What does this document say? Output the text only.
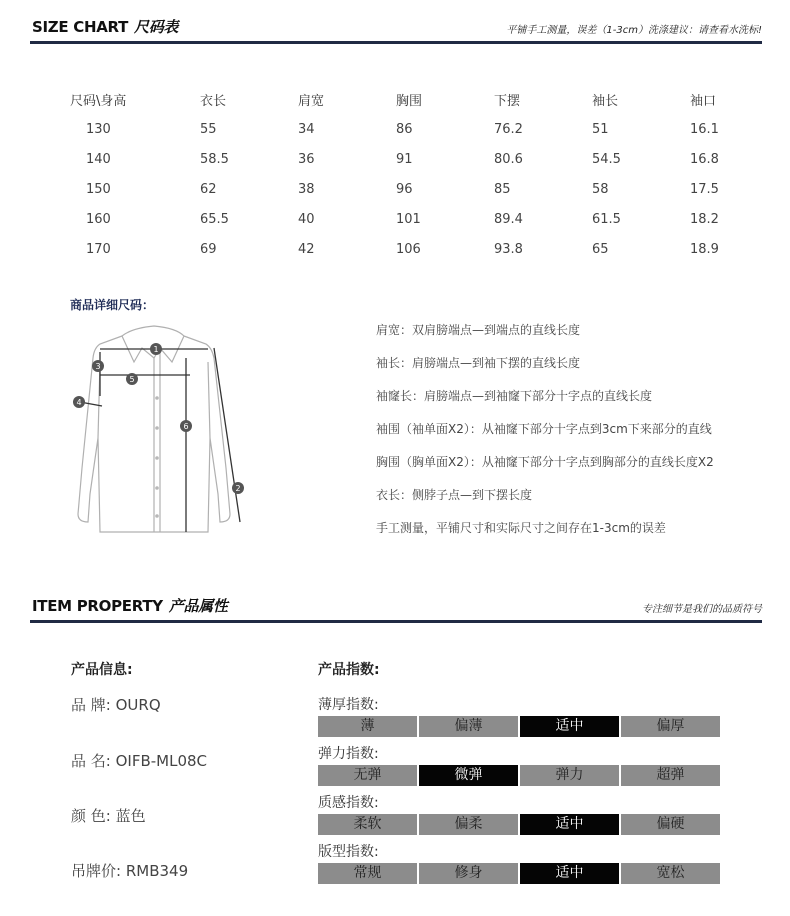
SIZE CHART 尺码表	平铺手工测量，误差（1-3cm）洗涤建议：请查看水洗标!
尺码\身高	衣长	肩宽	胸围	下摆	袖长	袖口
130	55	34	86	76.2	51	16.1
140	58.5	36	91	80.6	54.5	16.8
150	62	38	96	85	58	17.5
160	65.5	40	101	89.4	61.5	18.2
170	69	42	106	93.8	65	18.9
商品详细尺码：
1
2
3
4
5
6
肩宽：双肩膀端点—到端点的直线长度
袖长：肩膀端点—到袖下摆的直线长度
袖窿长：肩膀端点—到袖窿下部分十字点的直线长度
袖围（袖单面X2）：从袖窿下部分十字点到3cm下来部分的直线
胸围（胸单面X2）：从袖窿下部分十字点到胸部分的直线长度X2
衣长：侧脖子点—到下摆长度
手工测量，平铺尺寸和实际尺寸之间存在1-3cm的误差
ITEM PROPERTY 产品属性	专注细节是我们的品质符号
产品信息:
品 牌: OURQ
品 名: OIFB-ML08C
颜 色: 蓝色
吊牌价: RMB349
产品指数:
薄厚指数:
薄	偏薄	适中	偏厚
弹力指数:
无弹	微弹	弹力	超弹
质感指数:
柔软	偏柔	适中	偏硬
版型指数:
常规	修身	适中	宽松
